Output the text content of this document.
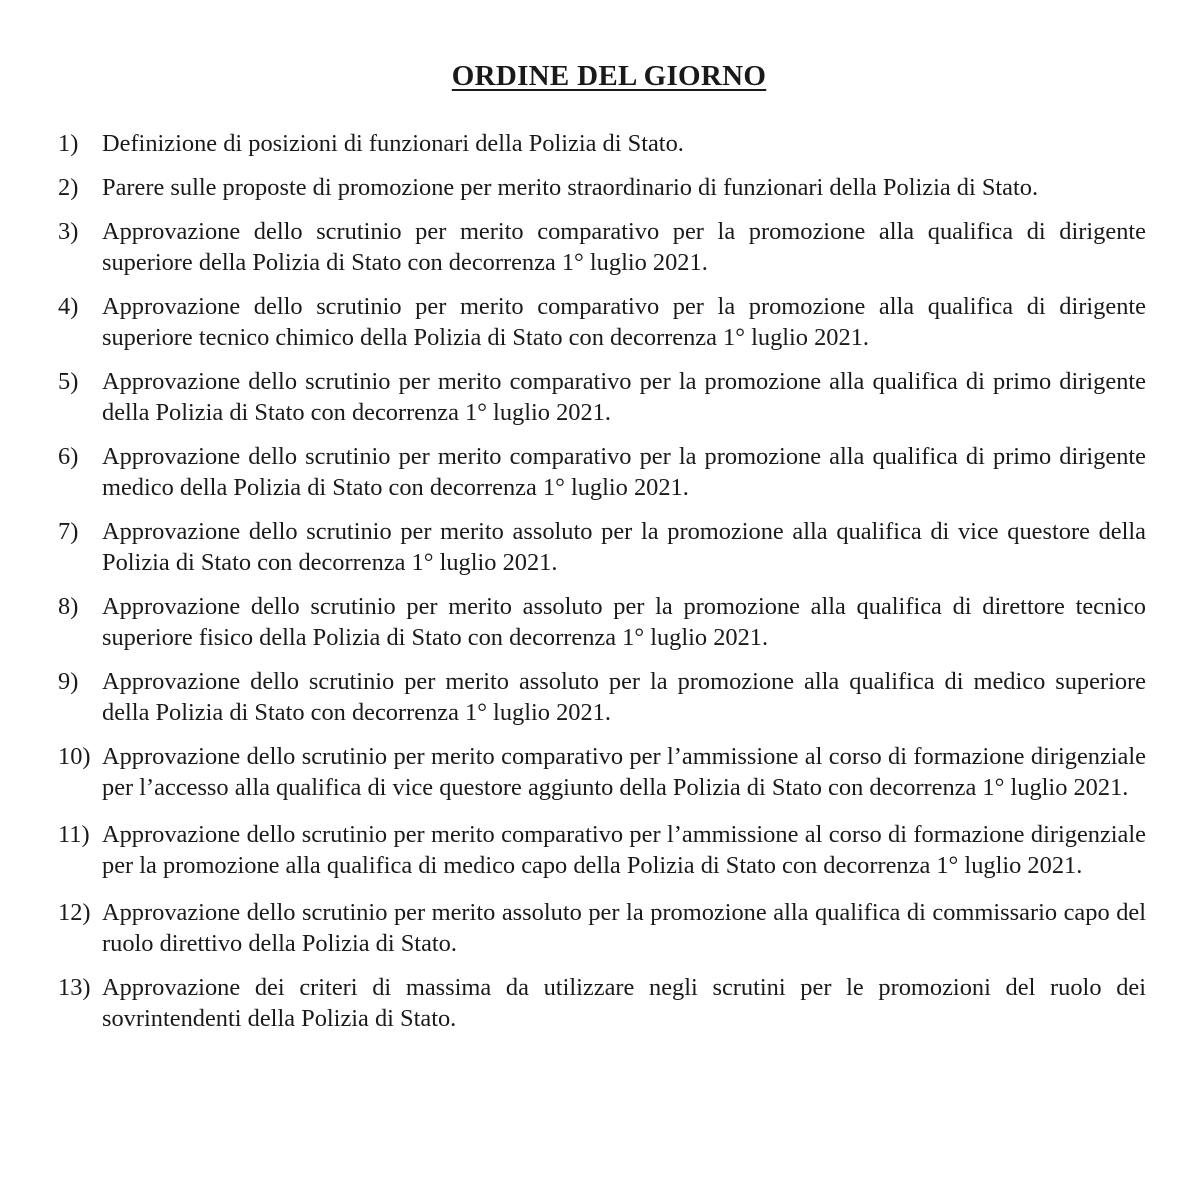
ORDINE DEL GIORNO
1) Definizione di posizioni di funzionari della Polizia di Stato.
2) Parere sulle proposte di promozione per merito straordinario di funzionari della Polizia di Stato.
3) Approvazione dello scrutinio per merito comparativo per la promozione alla qualifica di dirigente superiore della Polizia di Stato con decorrenza 1° luglio 2021.
4) Approvazione dello scrutinio per merito comparativo per la promozione alla qualifica di dirigente superiore tecnico chimico della Polizia di Stato con decorrenza 1° luglio 2021.
5) Approvazione dello scrutinio per merito comparativo per la promozione alla qualifica di primo dirigente della Polizia di Stato con decorrenza 1° luglio 2021.
6) Approvazione dello scrutinio per merito comparativo per la promozione alla qualifica di primo dirigente medico della Polizia di Stato con decorrenza 1° luglio 2021.
7) Approvazione dello scrutinio per merito assoluto per la promozione alla qualifica di vice questore della Polizia di Stato con decorrenza 1° luglio 2021.
8) Approvazione dello scrutinio per merito assoluto per la promozione alla qualifica di direttore tecnico superiore fisico della Polizia di Stato con decorrenza 1° luglio 2021.
9) Approvazione dello scrutinio per merito assoluto per la promozione alla qualifica di medico superiore della Polizia di Stato con decorrenza 1° luglio 2021.
10) Approvazione dello scrutinio per merito comparativo per l’ammissione al corso di formazione dirigenziale per l’accesso alla qualifica di vice questore aggiunto della Polizia di Stato con decorrenza 1° luglio 2021.
11) Approvazione dello scrutinio per merito comparativo per l’ammissione al corso di formazione dirigenziale per la promozione alla qualifica di medico capo della Polizia di Stato con decorrenza 1° luglio 2021.
12) Approvazione dello scrutinio per merito assoluto per la promozione alla qualifica di commissario capo del ruolo direttivo della Polizia di Stato.
13) Approvazione dei criteri di massima da utilizzare negli scrutini per le promozioni del ruolo dei sovrintendenti della Polizia di Stato.
